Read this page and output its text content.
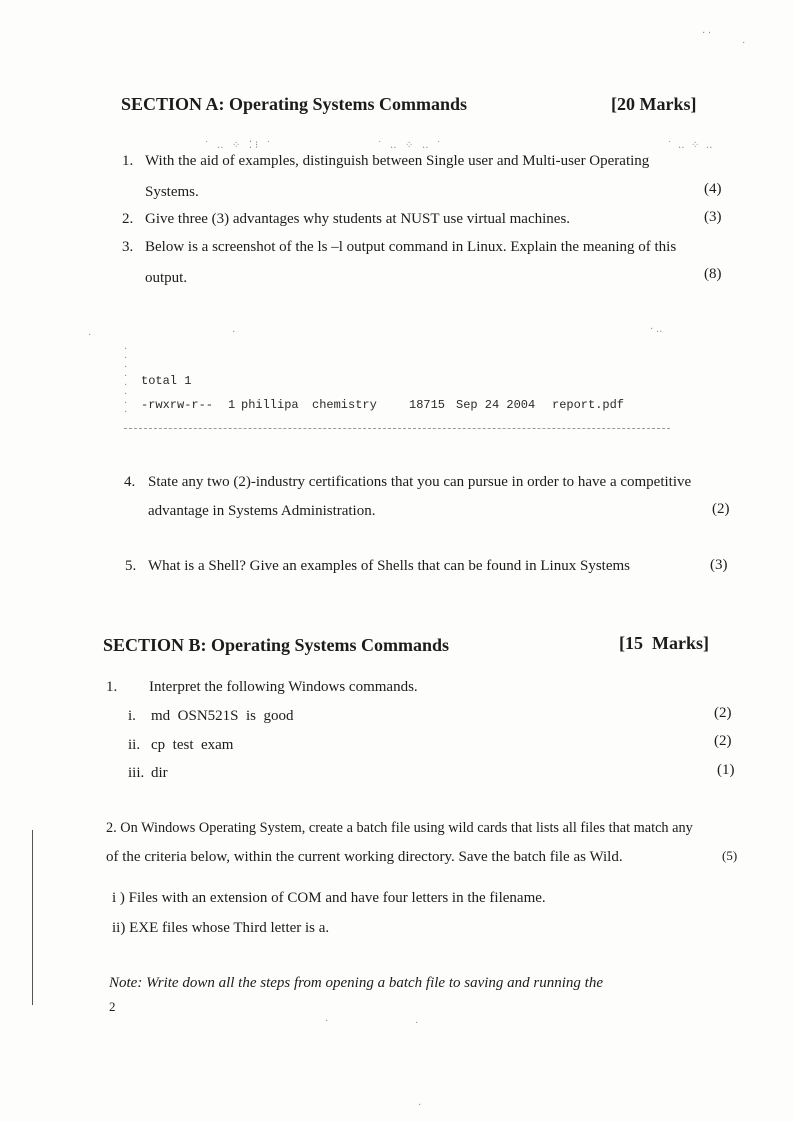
· ·
·
˙ ‥ ⁘ ⁚⁝ ˙	˙ ‥ ⁘ ‥ ˙	˙ ‥ ⁘ ‥
·	·	· ‥
·
·
·
·
·
·
·
·
SECTION A: Operating Systems Commands	[20 Marks]
1. With the aid of examples, distinguish between Single user and Multi-user Operating
Systems.	(4)
2. Give three (3) advantages why students at NUST use virtual machines.	(3)
3. Below is a screenshot of the ls –l output command in Linux. Explain the meaning of this
output.	(8)
total 1
-rwxrw-r-- 1 phillipa chemistry	18715 Sep 24 2004 report.pdf
4. State any two (2)-industry certifications that you can pursue in order to have a competitive
advantage in Systems Administration.	(2)
5. What is a Shell? Give an examples of Shells that can be found in Linux Systems	(3)
SECTION B: Operating Systems Commands	[15  Marks]
1. Interpret the following Windows commands.
i. md  OSN521S  is  good	(2)
ii. cp  test  exam	(2)
iii. dir	(1)
2. On Windows Operating System, create a batch file using wild cards that lists all files that match any
of the criteria below, within the current working directory. Save the batch file as Wild.	(5)
i ) Files with an extension of COM and have four letters in the filename.
ii) EXE files whose Third letter is a.
Note: Write down all the steps from opening a batch file to saving and running the
2
·	·
·
